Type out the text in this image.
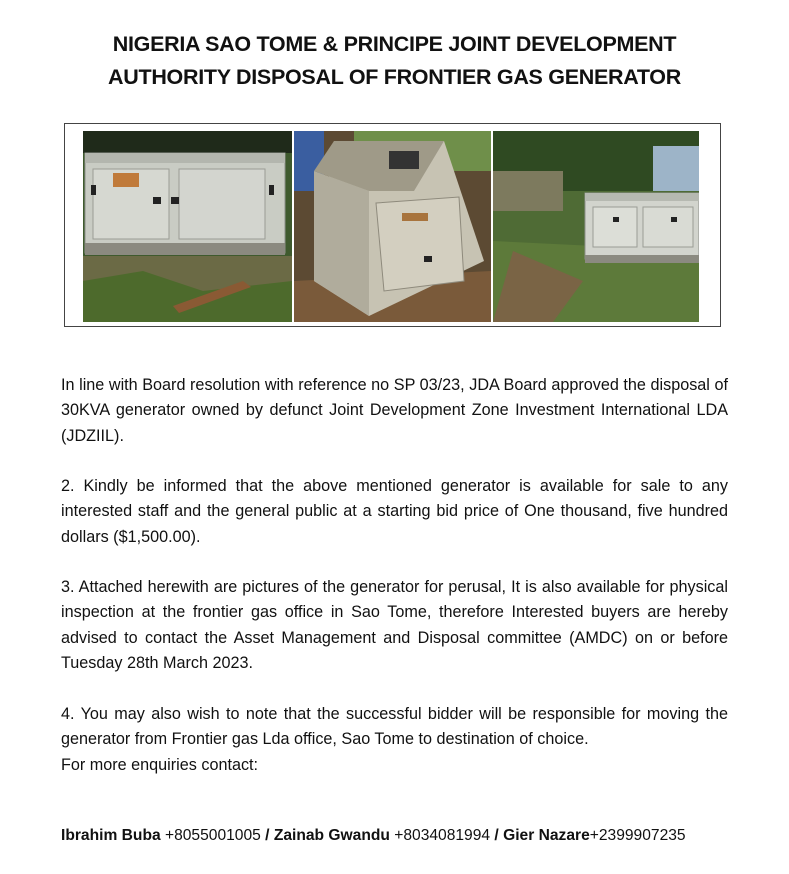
NIGERIA SAO TOME & PRINCIPE JOINT DEVELOPMENT
AUTHORITY DISPOSAL OF FRONTIER GAS GENERATOR

In line with Board resolution with reference no SP 03/23, JDA Board approved the disposal of 30KVA generator owned by defunct Joint Development Zone Investment International LDA (JDZIIL).

2. Kindly be informed that the above mentioned generator is available for sale to any interested staff and the general public at a starting bid price of One thousand, five hundred dollars ($1,500.00).

3. Attached herewith are pictures of the generator for perusal, It is also available for physical inspection at the frontier gas office in Sao Tome, therefore Interested buyers are hereby advised to contact the Asset Management and Disposal committee (AMDC) on or before Tuesday 28th March 2023.

4. You may also wish to note that the successful bidder will be responsible for moving the generator from Frontier gas Lda office, Sao Tome to destination of choice.

For more enquiries contact:

Ibrahim Buba +8055001005 / Zainab Gwandu +8034081994 / Gier Nazare+2399907235
